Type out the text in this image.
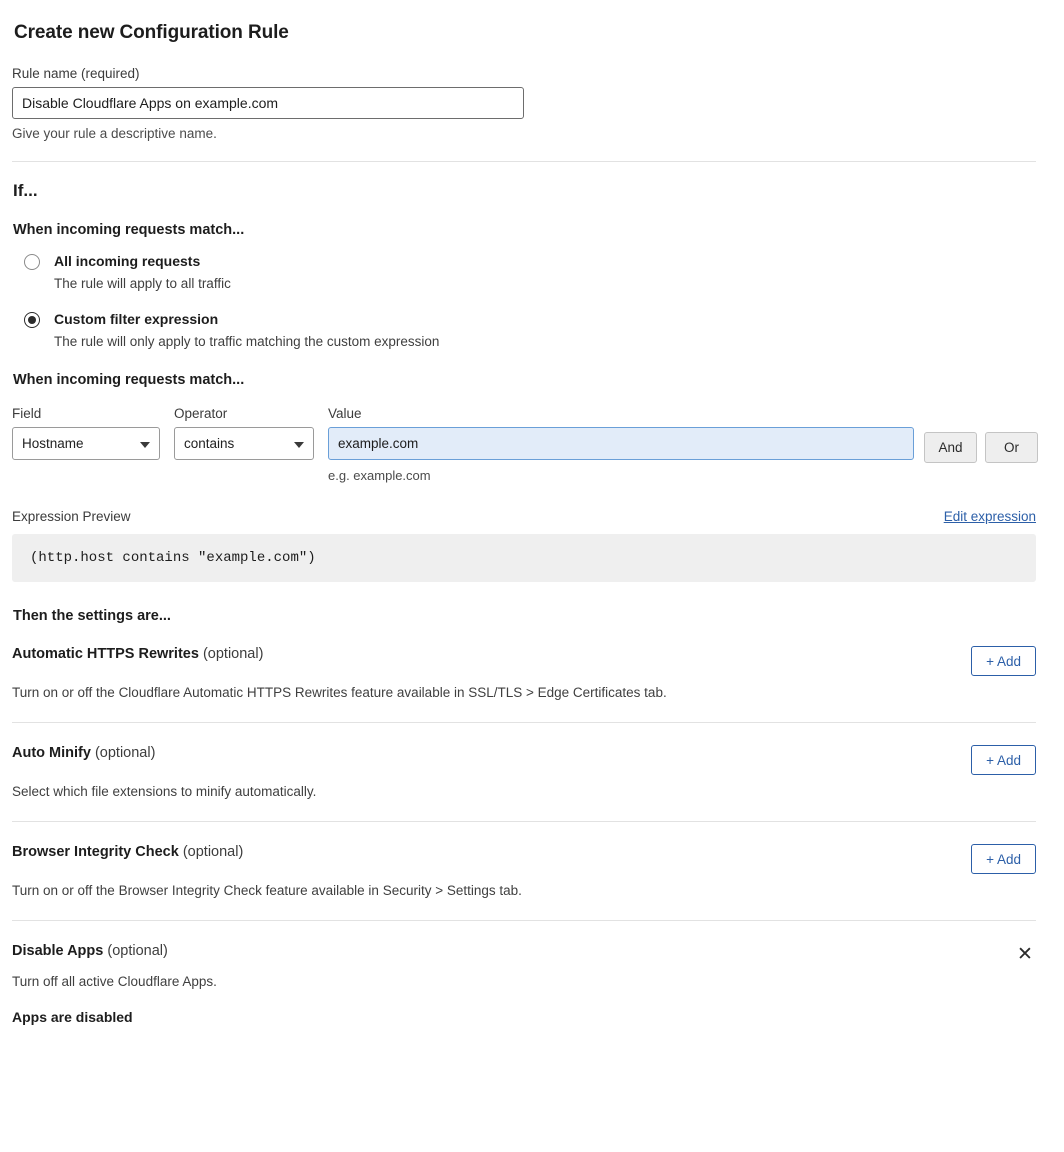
Create new Configuration Rule
Rule name (required)
Disable Cloudflare Apps on example.com
Give your rule a descriptive name.
If...
When incoming requests match...
All incoming requests
The rule will apply to all traffic
Custom filter expression
The rule will only apply to traffic matching the custom expression
When incoming requests match...
Field
Hostname
Operator
contains
Value
example.com
e.g. example.com
And	Or
Expression Preview	Edit expression
(http.host contains "example.com")
Then the settings are...
Automatic HTTPS Rewrites (optional)	+ Add
Turn on or off the Cloudflare Automatic HTTPS Rewrites feature available in SSL/TLS > Edge Certificates tab.
Auto Minify (optional)	+ Add
Select which file extensions to minify automatically.
Browser Integrity Check (optional)	+ Add
Turn on or off the Browser Integrity Check feature available in Security > Settings tab.
Disable Apps (optional)	✕
Turn off all active Cloudflare Apps.
Apps are disabled
